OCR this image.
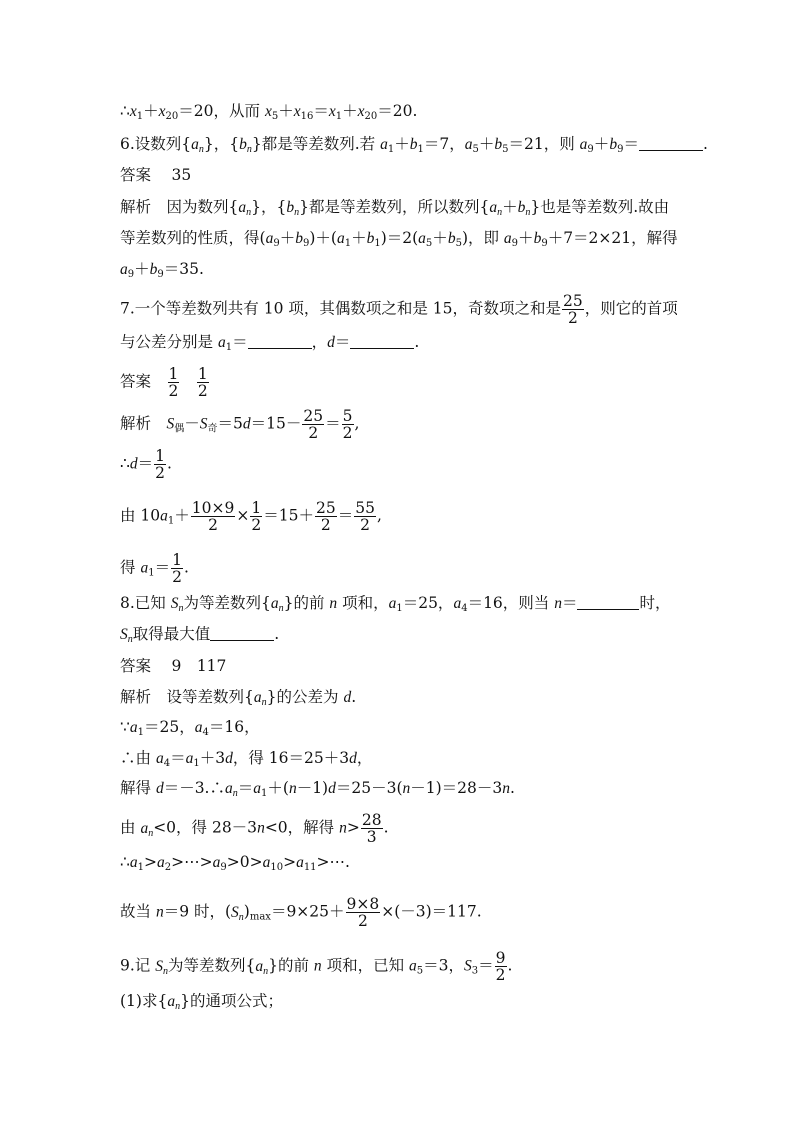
$\therefore x_1+x_{20}=20$，从而 $x_5+x_{16}=x_1+x_{20}=20$.
6.设数列$\{a_n\}$，$\{b_n\}$都是等差数列.若 $a_1+b_1=7$，$a_5+b_5=21$，则 $a_9+b_9=$	.
答案　 35
解析　因为数列$\{a_n\}$，$\{b_n\}$都是等差数列，所以数列$\{a_n+b_n\}$也是等差数列.故由
等差数列的性质，得$(a_9+b_9)+(a_1+b_1)=2(a_5+b_5)$，即 $a_9+b_9+7=2\times 21$，解得
$a_9+b_9=35$.
7.一个等差数列共有 10 项，其偶数项之和是 15，奇数项之和是 $\frac{25}{2}$ ，则它的首项
与公差分别是 $a_1=$	，d＝	.
答案　 $\frac{1}{2}$
　 $\frac{1}{2}$
解析　 $S_偶-S_奇=5d=15- \frac{25}{2} = \frac{5}{2}$ ,
∴d＝ $\frac{1}{2}$ .
由 $10a_1+ \frac{10\times 9}{2} \times \frac{1}{2} =15+ \frac{25}{2} = \frac{55}{2}$ ,
得 $a_1= \frac{1}{2}$ .
8.已知 $S_n$为等差数列$\{a_n\}$的前 n 项和，$a_1=25$，$a_4=16$，则当 n＝	时，
$S_n$取得最大值	.
答案　 9　117
解析　设等差数列$\{a_n\}$的公差为 d.
$\because a_1=25$，$a_4=16$，
∴由 $a_4=a_1+3d$，得 16＝25＋3d，
解得 $d=-3.\therefore a_n=a_1+(n-1)d=25-3(n-1)=28-3n$.
由 $a_n<0$，得 28－3n<0，解得 $n> \frac{28}{3}$ .
$\therefore a_1>a_2>\cdots>a_9>0>a_{10}>a_{11}>\cdots$.
故当 n＝9 时，$(S_n)_{max}=9\times 25+ \frac{9\times 8}{2} \times(-3)=117$.
9.记 $S_n$为等差数列$\{a_n\}$的前 n 项和，已知 $a_5=3$，$S_3= \frac{9}{2}$ .
(1)求$\{a_n\}$的通项公式；
